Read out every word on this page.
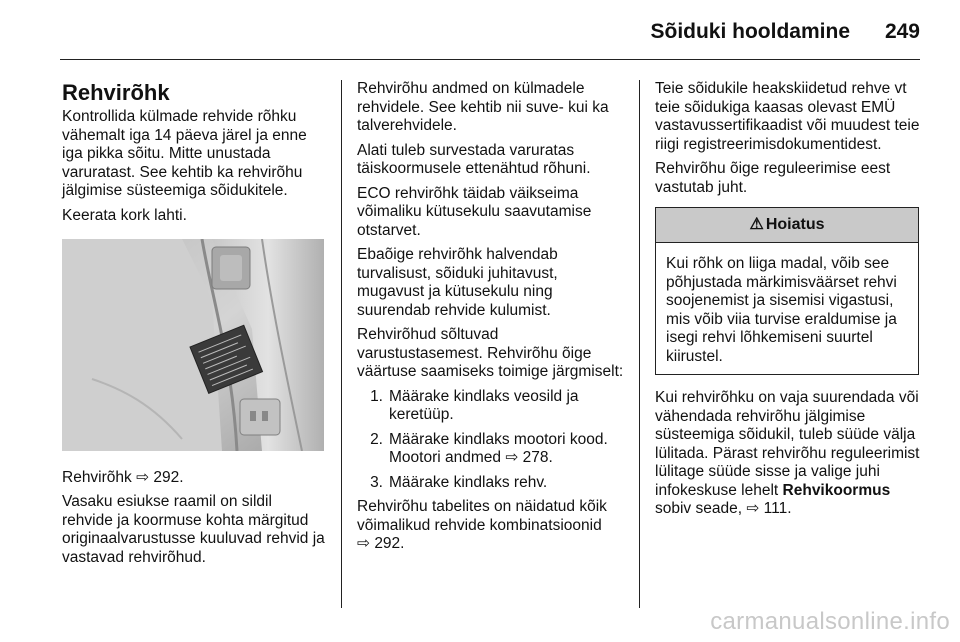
Sõiduki hooldamine 249
Rehvirõhk

Kontrollida külmade rehvide rõhku vähemalt iga 14 päeva järel ja enne iga pikka sõitu. Mitte unustada varuratast. See kehtib ka rehvirõhu jälgimise süsteemiga sõidukitele.

Keerata kork lahti.

Rehvirõhk ⇨ 292.

Vasaku esiukse raamil on sildil rehvide ja koormuse kohta märgitud originaalvarustusse kuuluvad rehvid ja vastavad rehvirõhud.

Rehvirõhu andmed on külmadele rehvidele. See kehtib nii suve- kui ka talverehvidele.

Alati tuleb survestada varuratas täiskoormusele ettenähtud rõhuni.

ECO rehvirõhk täidab väikseima võimaliku kütusekulu saavutamise otstarvet.

Ebaõige rehvirõhk halvendab turvalisust, sõiduki juhitavust, mugavust ja kütusekulu ning suurendab rehvide kulumist.

Rehvirõhud sõltuvad varustustasemest. Rehvirõhu õige väärtuse saamiseks toimige järgmiselt:

1. Määrake kindlaks veosild ja keretüüp.
2. Määrake kindlaks mootori kood. Mootori andmed ⇨ 278.
3. Määrake kindlaks rehv.

Rehvirõhu tabelites on näidatud kõik võimalikud rehvide kombinatsioonid
⇨ 292.

Teie sõidukile heakskiidetud rehve vt teie sõidukiga kaasas olevast EMÜ vastavussertifikaadist või muudest teie riigi registreerimisdokumentidest.

Rehvirõhu õige reguleerimise eest vastutab juht.

⚠ Hoiatus
Kui rõhk on liiga madal, võib see põhjustada märkimisväärset rehvi soojenemist ja sisemisi vigastusi, mis võib viia turvise eraldumise ja isegi rehvi lõhkemiseni suurtel kiirustel.

Kui rehvirõhku on vaja suurendada või vähendada rehvirõhu jälgimise süsteemiga sõidukil, tuleb süüde välja lülitada. Pärast rehvirõhu reguleerimist lülitage süüde sisse ja valige juhi infokeskuse lehelt Rehvikoormus sobiv seade, ⇨ 111.

carmanualsonline.info
